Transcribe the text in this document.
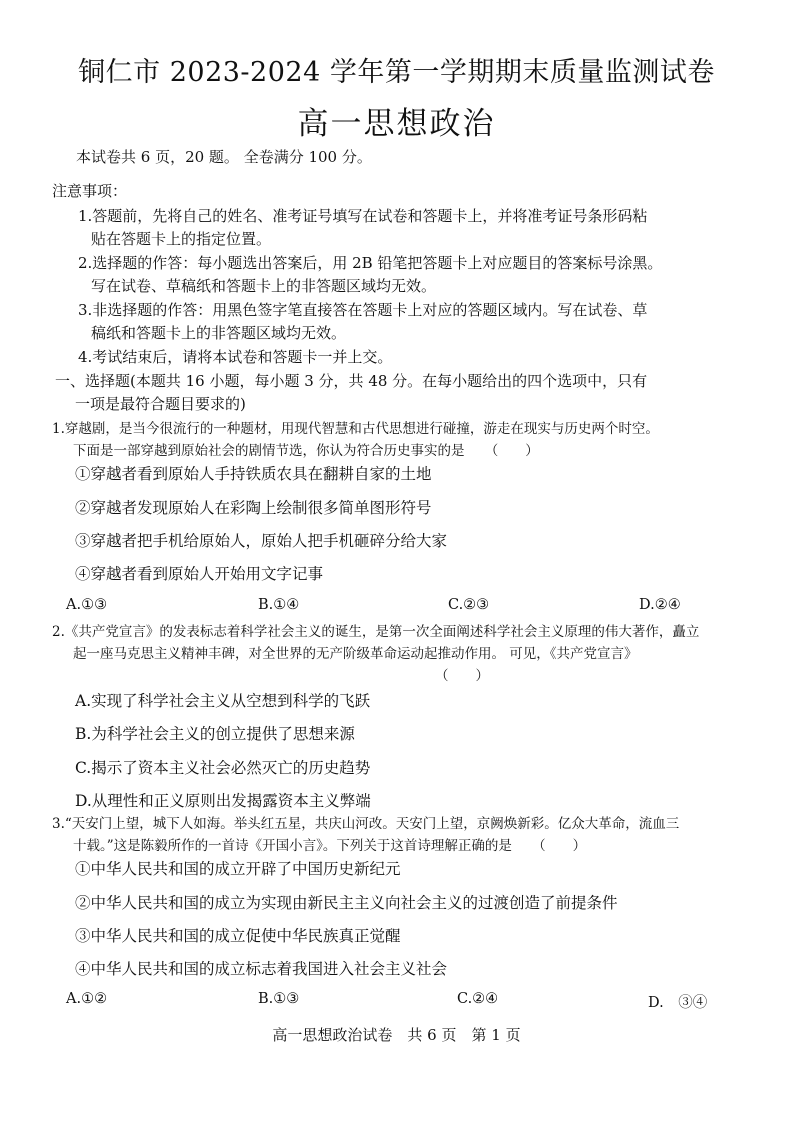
铜仁市 2023-2024 学年第一学期期末质量监测试卷
高一思想政治
本试卷共 6 页，20 题。 全卷满分 100 分。
注意事项：
1.答题前，先将自己的姓名、准考证号填写在试卷和答题卡上，并将准考证号条形码粘
贴在答题卡上的指定位置。
2.选择题的作答：每小题选出答案后，用 2B 铅笔把答题卡上对应题目的答案标号涂黑。
写在试卷、草稿纸和答题卡上的非答题区域均无效。
3.非选择题的作答：用黑色签字笔直接答在答题卡上对应的答题区域内。写在试卷、草
稿纸和答题卡上的非答题区域均无效。
4.考试结束后，请将本试卷和答题卡一并上交。
一、选择题(本题共 16 小题，每小题 3 分，共 48 分。在每小题给出的四个选项中，只有
一项是最符合题目要求的)
1.穿越剧，是当今很流行的一种题材，用现代智慧和古代思想进行碰撞，游走在现实与历史两个时空。
下面是一部穿越到原始社会的剧情节选，你认为符合历史事实的是　　（　　）
①穿越者看到原始人手持铁质农具在翻耕自家的土地
②穿越者发现原始人在彩陶上绘制很多简单图形符号
③穿越者把手机给原始人，原始人把手机砸碎分给大家
④穿越者看到原始人开始用文字记事
A.①③	B.①④	C.②③	D.②④
2.《共产党宣言》的发表标志着科学社会主义的诞生，是第一次全面阐述科学社会主义原理的伟大著作，矗立
起一座马克思主义精神丰碑，对全世界的无产阶级革命运动起推动作用。 可见，《共产党宣言》
（　　）
A.实现了科学社会主义从空想到科学的飞跃
B.为科学社会主义的创立提供了思想来源
C.揭示了资本主义社会必然灭亡的历史趋势
D.从理性和正义原则出发揭露资本主义弊端
3.“天安门上望，城下人如海。举头红五星，共庆山河改。天安门上望，京阙焕新彩。亿众大革命，流血三
十载。”这是陈毅所作的一首诗《开国小言》。下列关于这首诗理解正确的是　　（　　）
①中华人民共和国的成立开辟了中国历史新纪元
②中华人民共和国的成立为实现由新民主主义向社会主义的过渡创造了前提条件
③中华人民共和国的成立促使中华民族真正觉醒
④中华人民共和国的成立标志着我国进入社会主义社会
A.①②	B.①③	C.②④	D.　③④
高一思想政治试卷　共 6 页　第 1 页
